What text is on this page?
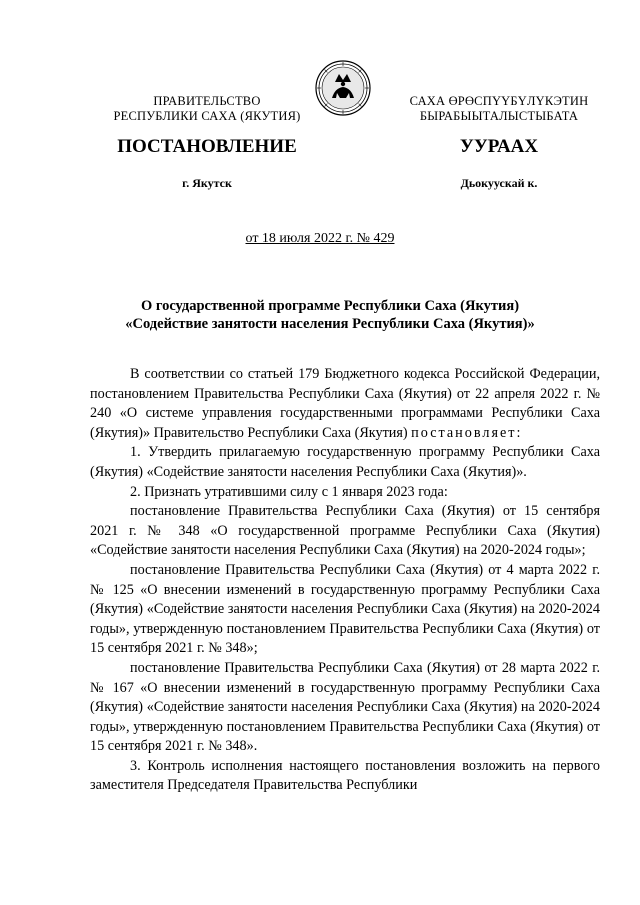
ПРАВИТЕЛЬСТВО
РЕСПУБЛИКИ САХА (ЯКУТИЯ)
САХА ӨРӨСПҮҮБҮЛҮКЭТИН
БЫРАБЫЫТАЛЫСТЫБАТА
ПОСТАНОВЛЕНИЕ	УУРААХ
г. Якутск	Дьокуускай к.
от 18 июля 2022 г. № 429
О государственной программе Республики Саха (Якутия)
«Содействие занятости населения Республики Саха (Якутия)»

В соответствии со статьей 179 Бюджетного кодекса Российской Федерации, постановлением Правительства Республики Саха (Якутия) от 22 апреля 2022 г. № 240 «О системе управления государственными программами Республики Саха (Якутия)» Правительство Республики Саха (Якутия) постановляет:

1. Утвердить прилагаемую государственную программу Республики Саха (Якутия) «Содействие занятости населения Республики Саха (Якутия)».

2. Признать утратившими силу с 1 января 2023 года:

постановление Правительства Республики Саха (Якутия) от 15 сентября 2021 г. № 348 «О государственной программе Республики Саха (Якутия) «Содействие занятости населения Республики Саха (Якутия) на 2020-2024 годы»;

постановление Правительства Республики Саха (Якутия) от 4 марта 2022 г. № 125 «О внесении изменений в государственную программу Республики Саха (Якутия) «Содействие занятости населения Республики Саха (Якутия) на 2020-2024 годы», утвержденную постановлением Правительства Республики Саха (Якутия) от 15 сентября 2021 г. № 348»;

постановление Правительства Республики Саха (Якутия) от 28 марта 2022 г. № 167 «О внесении изменений в государственную программу Республики Саха (Якутия) «Содействие занятости населения Республики Саха (Якутия) на 2020-2024 годы», утвержденную постановлением Правительства Республики Саха (Якутия) от 15 сентября 2021 г. № 348».

3. Контроль исполнения настоящего постановления возложить на первого заместителя Председателя Правительства Республики
